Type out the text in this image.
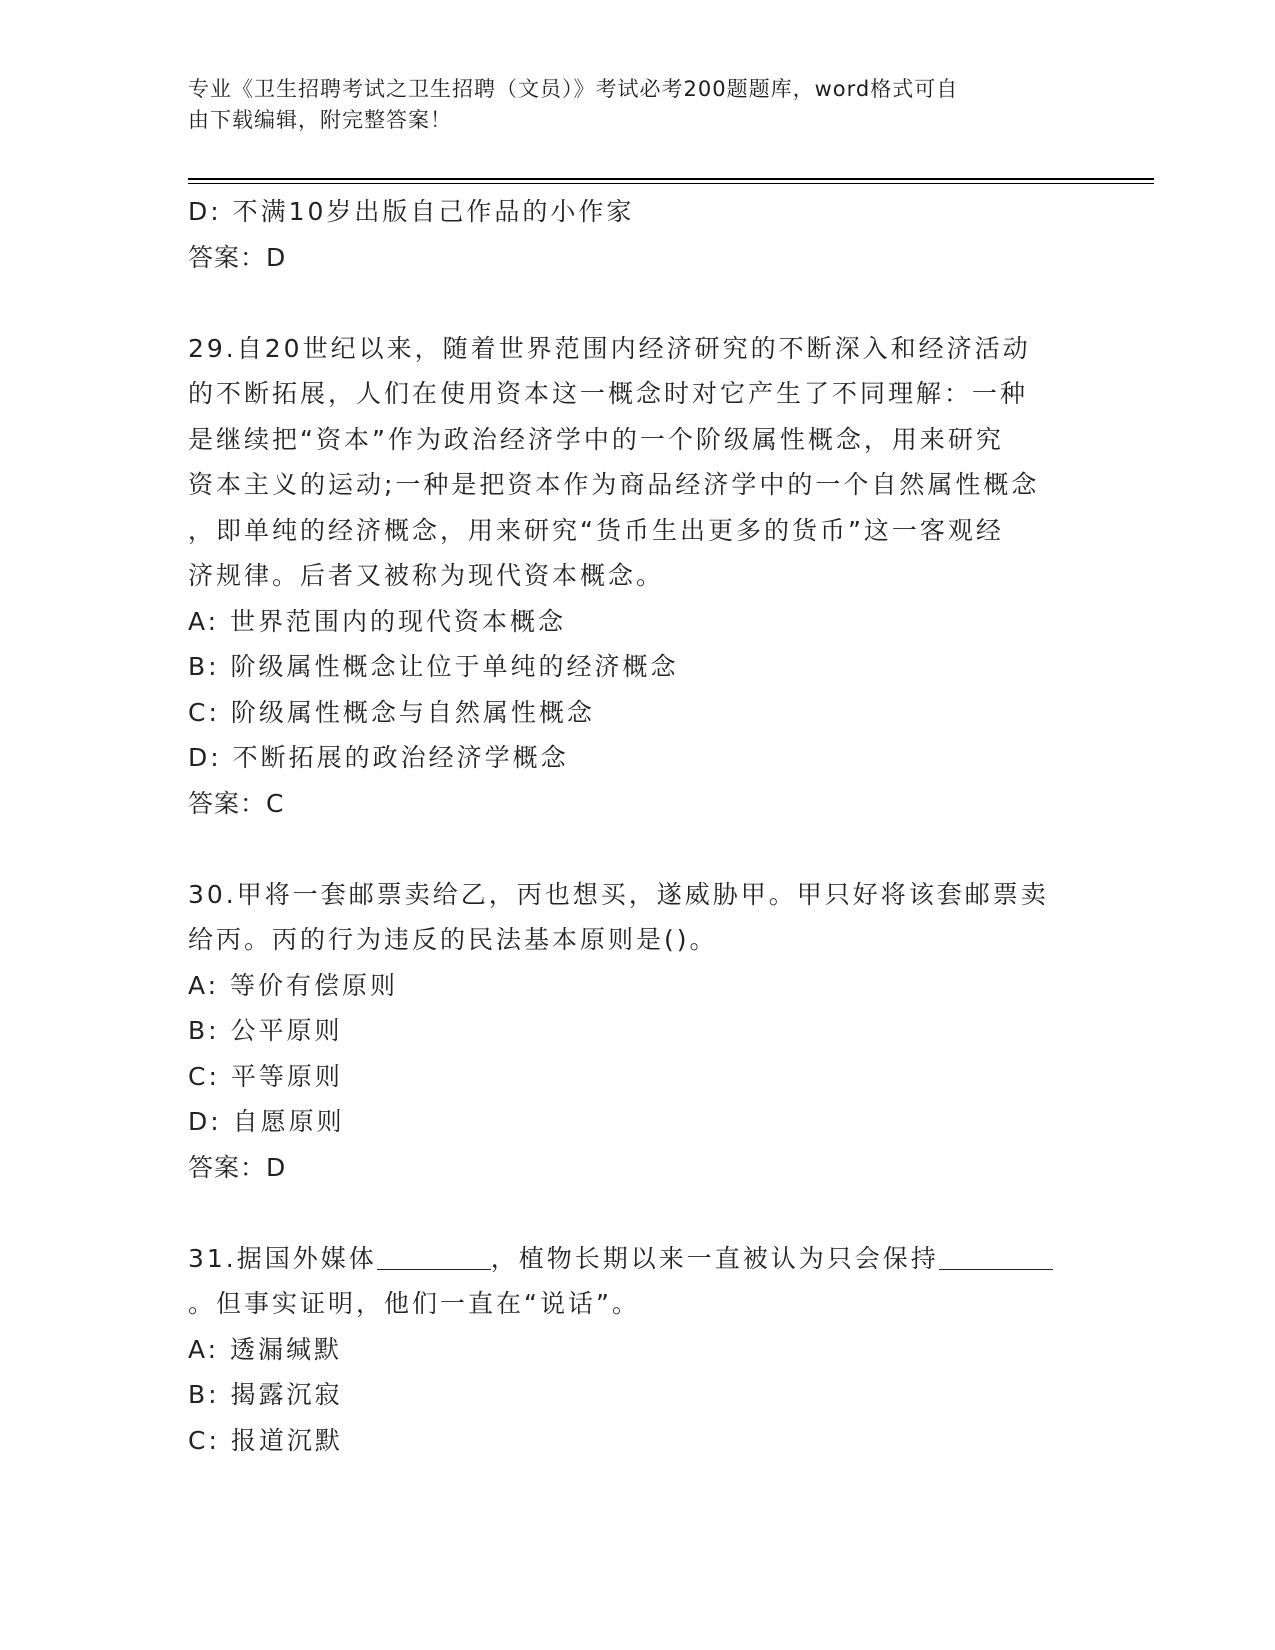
专业《卫生招聘考试之卫生招聘（文员）》考试必考200题题库，word格式可自
由下载编辑，附完整答案！

D: 不满10岁出版自己作品的小作家

答案：D

29.自20世纪以来，随着世界范围内经济研究的不断深入和经济活动

的不断拓展，人们在使用资本这一概念时对它产生了不同理解：一种

是继续把“资本”作为政治经济学中的一个阶级属性概念，用来研究

资本主义的运动;一种是把资本作为商品经济学中的一个自然属性概念

，即单纯的经济概念，用来研究“货币生出更多的货币”这一客观经

济规律。后者又被称为现代资本概念。

A: 世界范围内的现代资本概念

B: 阶级属性概念让位于单纯的经济概念

C: 阶级属性概念与自然属性概念

D: 不断拓展的政治经济学概念

答案：C

30.甲将一套邮票卖给乙，丙也想买，遂威胁甲。甲只好将该套邮票卖

给丙。丙的行为违反的民法基本原则是()。

A: 等价有偿原则

B: 公平原则

C: 平等原则

D: 自愿原则

答案：D

31.据国外媒体	，植物长期以来一直被认为只会保持

。但事实证明，他们一直在“说话”。

A: 透漏缄默

B: 揭露沉寂

C: 报道沉默
